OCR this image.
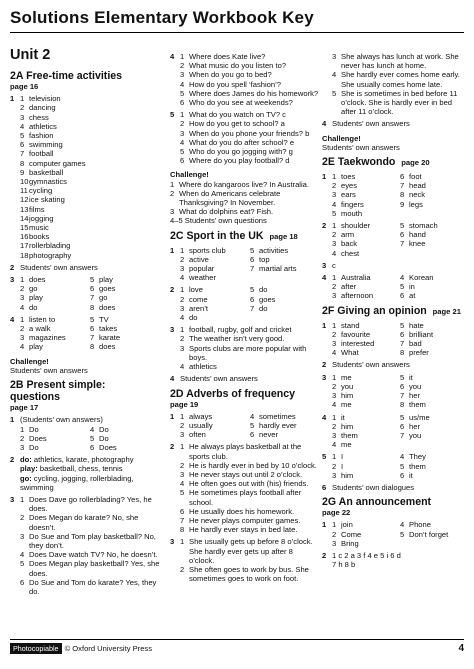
Solutions Elementary Workbook Key
Unit 2
2A Free-time activities
page 16
1 1 television
2 dancing
3 chess
4 athletics
5 fashion
6 swimming
7 football
8 computer games
9 basketball
10 gymnastics
11 cycling
12 ice skating
13 films
14 jogging
15 music
16 books
17 rollerblading
18 photography
2 Students’ own answers
3 1 does	5 play
2 go	6 goes
3 play	7 go
4 do	8 does
4 1 listen to	5 TV
2 a walk	6 takes
3 magazines	7 karate
4 play	8 does
Challenge!
Students’ own answers
2B Present simple:
questions
page 17
1 (Students’ own answers)
1 Do	4 Do
2 Does	5 Do
3 Do	6 Does
2 do: athletics, karate, photography
play: basketball, chess, tennis
go: cycling, jogging, rollerblading, swimming
3 1 Does Dave go rollerblading? Yes, he does.
2 Does Megan do karate? No, she doesn’t.
3 Do Sue and Tom play basketball? No, they don’t.
4 Does Dave watch TV? No, he doesn’t.
5 Does Megan play basketball? Yes, she does.
6 Do Sue and Tom do karate? Yes, they do.
4 1 Where does Kate live?
2 What music do you listen to?
3 When do you go to bed?
4 How do you spell ‘fashion’?
5 Where does James do his homework?
6 Who do you see at weekends?
5 1 What do you watch on TV? c
2 How do you get to school? a
3 When do you phone your friends? b
4 What do you do after school? e
5 Who do you go jogging with? g
6 Where do you play football? d
Challenge!
1 Where do kangaroos live? In Australia.
2 When do Americans celebrate Thanksgiving? In November.
3 What do dolphins eat? Fish.
4–5 Students’ own questions
2C Sport in the UK page 18
1 1 sports club	5 activities
2 active	6 top
3 popular	7 martial arts
4 weather
2 1 love	5 do
2 come	6 goes
3 aren’t	7 do
4 do
3 1 football, rugby, golf and cricket
2 The weather isn’t very good.
3 Sports clubs are more popular with boys.
4 athletics
4 Students’ own answers
2D Adverbs of frequency
page 19
1 1 always	4 sometimes
2 usually	5 hardly ever
3 often	6 never
2 1 He always plays basketball at the sports club.
2 He is hardly ever in bed by 10 o’clock.
3 He never stays out until 2 o’clock.
4 He often goes out with (his) friends.
5 He sometimes plays football after school.
6 He usually does his homework.
7 He never plays computer games.
8 He hardly ever stays in bed late.
3 1 She usually gets up before 8 o’clock. She hardly ever gets up after 8 o’clock.
2 She often goes to work by bus. She sometimes goes to work on foot.
3 She always has lunch at work. She never has lunch at home.
4 She hardly ever comes home early. She usually comes home late.
5 She is sometimes in bed before 11 o’clock. She is hardly ever in bed after 11 o’clock.
4 Students’ own answers
Challenge!
Students’ own answers
2E Taekwondo page 20
1 1 toes	6 foot
2 eyes	7 head
3 ears	8 neck
4 fingers	9 legs
5 mouth
2 1 shoulder	5 stomach
2 arm	6 hand
3 back	7 knee
4 chest
3 c
4 1 Australia	4 Korean
2 after	5 in
3 afternoon	6 at
2F Giving an opinion page 21
1 1 stand	5 hate
2 favourite	6 brilliant
3 interested	7 bad
4 What	8 prefer
2 Students’ own answers
3 1 me	5 it
2 you	6 you
3 him	7 her
4 me	8 them
4 1 it	5 us/me
2 him	6 her
3 them	7 you
4 me
5 1 I	4 They
2 I	5 them
3 him	6 it
6 Students’ own dialogues
2G An announcement
page 22
1 1 join	4 Phone
2 Come	5 Don’t forget
3 Bring
2 1 c 2 a 3 f 4 e 5 i 6 d
7 h 8 b
Photocopiable © Oxford University Press	4
